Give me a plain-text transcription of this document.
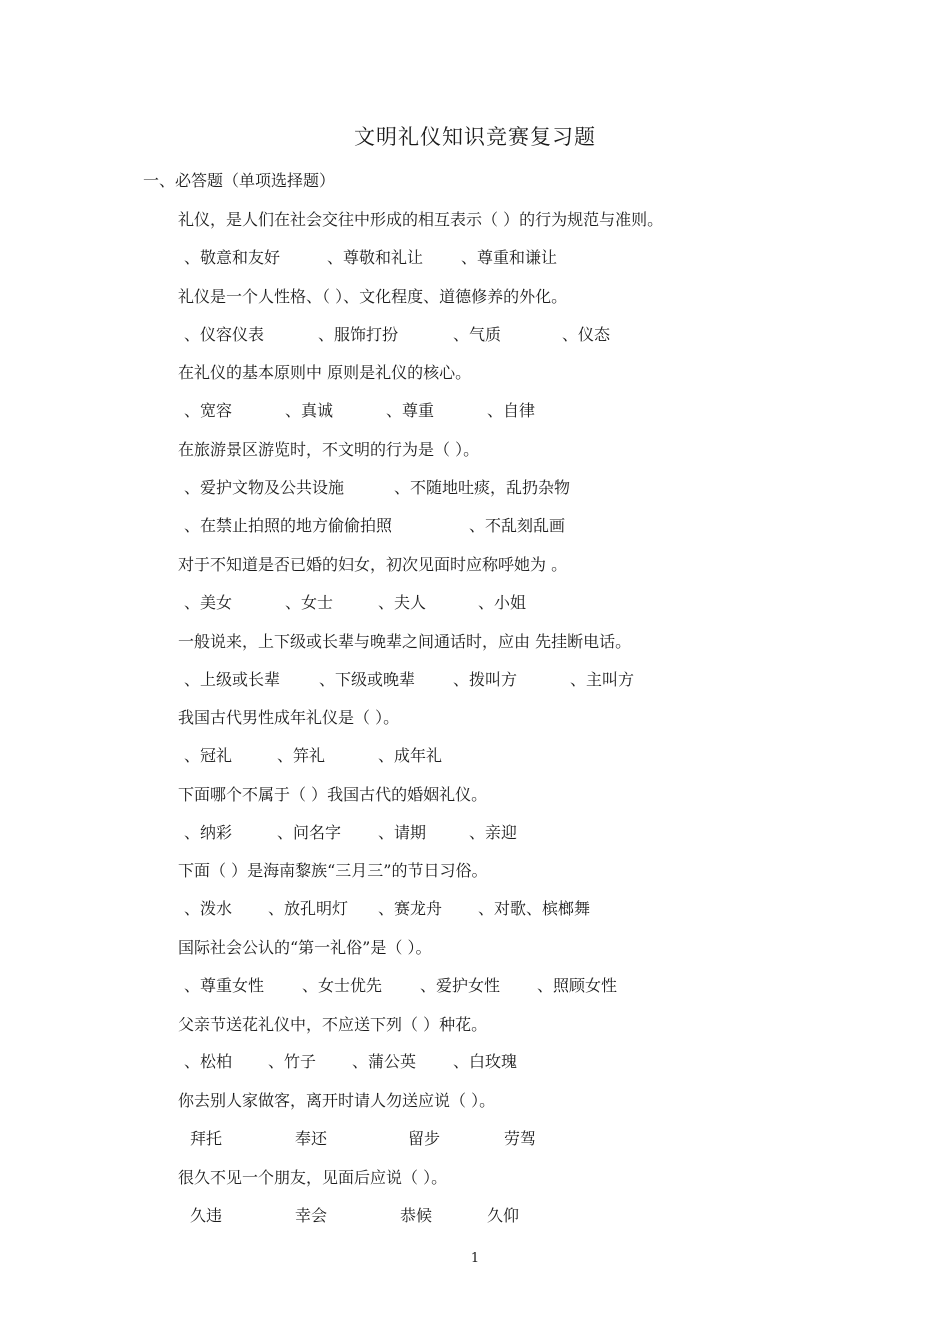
文明礼仪知识竞赛复习题
一、必答题（单项选择题）
礼仪，是人们在社会交往中形成的相互表示（ ）的行为规范与准则。
、敬意和友好	、尊敬和礼让 、尊重和谦让
礼仪是一个人性格、（ ）、文化程度、道德修养的外化。
、仪容仪表	、服饰打扮	、气质	、仪态
在礼仪的基本原则中 原则是礼仪的核心。
、宽容	、真诚	、尊重	、自律
在旅游景区游览时，不文明的行为是（ ）。
、爱护文物及公共设施	、不随地吐痰，乱扔杂物
、在禁止拍照的地方偷偷拍照	、不乱刻乱画
对于不知道是否已婚的妇女，初次见面时应称呼她为 。
、美女	、女士	、夫人	、小姐
一般说来，上下级或长辈与晚辈之间通话时，应由 先挂断电话。
、上级或长辈 、下级或晚辈 、拨叫方	、主叫方
我国古代男性成年礼仪是（ ）。
、冠礼	、笄礼	、成年礼
下面哪个不属于（ ）我国古代的婚姻礼仪。
、纳彩	、问名字 、请期	、亲迎
下面（ ）是海南黎族“三月三”的节日习俗。
、泼水 、放孔明灯 、赛龙舟 、对歌、槟榔舞
国际社会公认的“第一礼俗”是（ ）。
、尊重女性 、女士优先 、爱护女性 、照顾女性
父亲节送花礼仪中，不应送下列（ ）种花。
、松柏 、竹子 、蒲公英 、白玫瑰
你去别人家做客，离开时请人勿送应说（ ）。
拜托	奉还	留步	劳驾
很久不见一个朋友，见面后应说（ ）。
久违	幸会	恭候	久仰
1
